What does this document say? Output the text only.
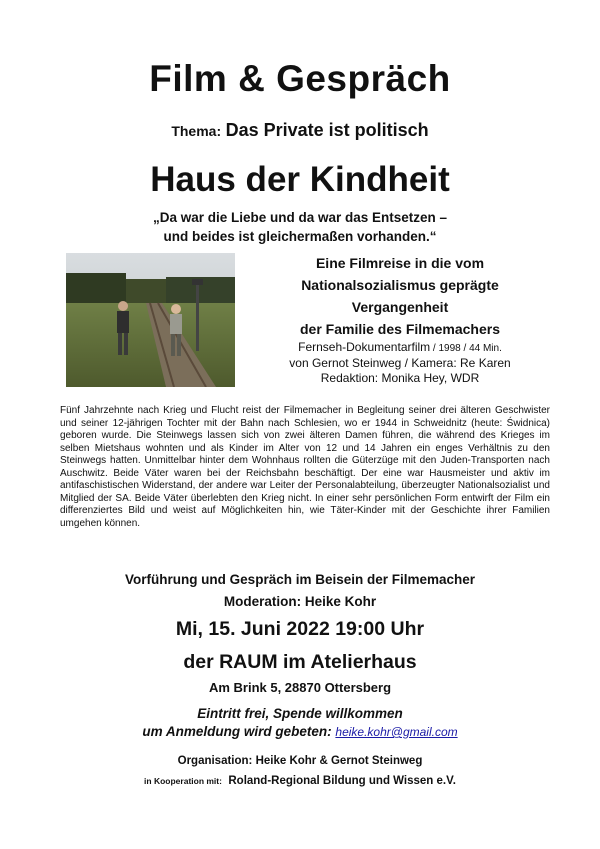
Film & Gespräch
Thema: Das Private ist politisch
Haus der Kindheit
„Da war die Liebe und da war das Entsetzen –
und beides ist gleichermaßen vorhanden.“
Eine Filmreise in die vom
Nationalsozialismus geprägte
Vergangenheit
der Familie des Filmemachers
Fernseh-Dokumentarfilm / 1998 / 44 Min.
von Gernot Steinweg / Kamera: Re Karen
Redaktion: Monika Hey, WDR
Fünf Jahrzehnte nach Krieg und Flucht reist der Filmemacher in Begleitung seiner drei älteren Geschwister und seiner 12-jährigen Tochter mit der Bahn nach Schlesien, wo er 1944 in Schweidnitz (heute: Świdnica) geboren wurde. Die Steinwegs lassen sich von zwei älteren Damen führen, die während des Krieges im selben Mietshaus wohnten und als Kinder im Alter von 12 und 14 Jahren ein enges Verhältnis zu den Steinwegs hatten. Unmittelbar hinter dem Wohnhaus rollten die Güterzüge mit den Juden-Transporten nach Auschwitz. Beide Väter waren bei der Reichsbahn beschäftigt. Der eine war Hausmeister und aktiv im antifaschistischen Widerstand, der andere war Leiter der Personalabteilung, überzeugter Nationalsozialist und Mitglied der SA. Beide Väter überlebten den Krieg nicht. In einer sehr persönlichen Form entwirft der Film ein differenziertes Bild und weist auf Möglichkeiten hin, wie Täter-Kinder mit der Geschichte ihrer Familien umgehen können.
Vorführung und Gespräch im Beisein der Filmemacher
Moderation: Heike Kohr
Mi, 15. Juni 2022 19:00 Uhr
der RAUM im Atelierhaus
Am Brink 5, 28870 Ottersberg
Eintritt frei, Spende willkommen
um Anmeldung wird gebeten: heike.kohr@gmail.com
Organisation: Heike Kohr & Gernot Steinweg
in Kooperation mit: Roland-Regional Bildung und Wissen e.V.
